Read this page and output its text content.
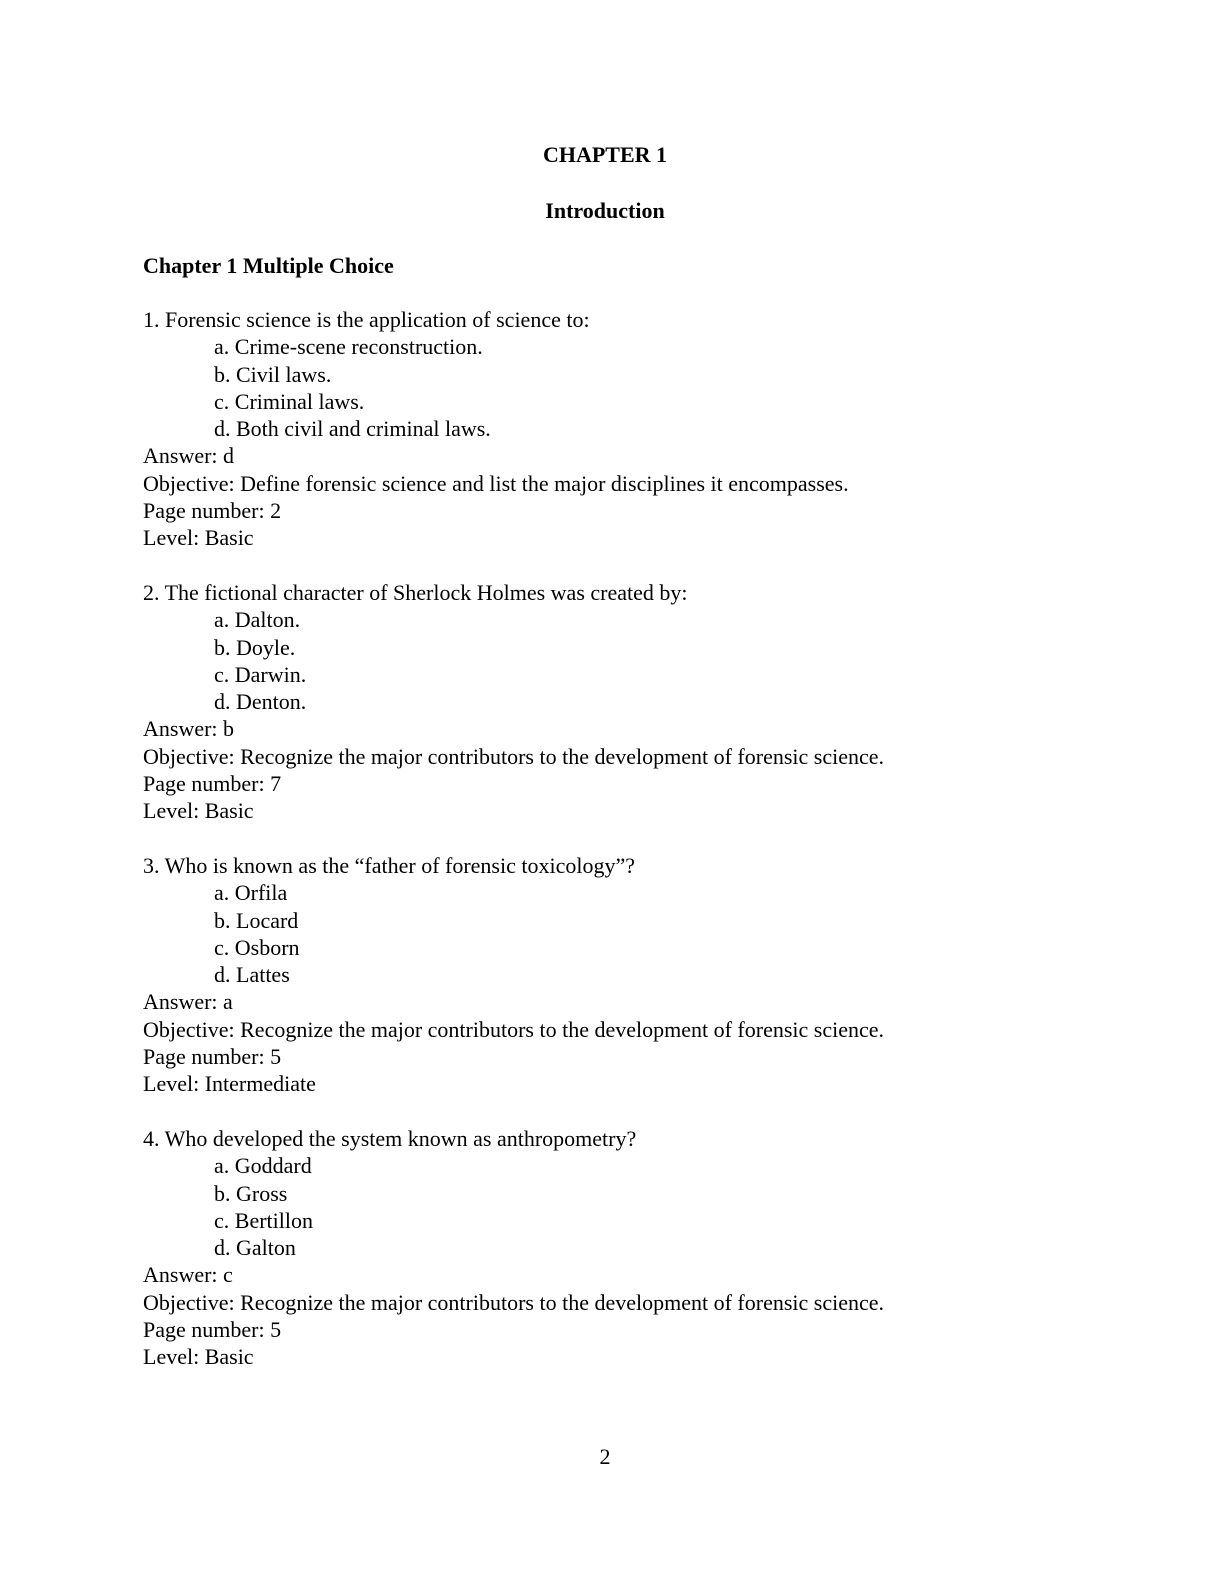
CHAPTER 1
Introduction
Chapter 1 Multiple Choice
1. Forensic science is the application of science to:
a. Crime-scene reconstruction.
b. Civil laws.
c. Criminal laws.
d. Both civil and criminal laws.
Answer: d
Objective: Define forensic science and list the major disciplines it encompasses.
Page number: 2
Level: Basic
2. The fictional character of Sherlock Holmes was created by:
a. Dalton.
b. Doyle.
c. Darwin.
d. Denton.
Answer: b
Objective: Recognize the major contributors to the development of forensic science.
Page number: 7
Level: Basic
3. Who is known as the “father of forensic toxicology”?
a. Orfila
b. Locard
c. Osborn
d. Lattes
Answer: a
Objective: Recognize the major contributors to the development of forensic science.
Page number: 5
Level: Intermediate
4. Who developed the system known as anthropometry?
a. Goddard
b. Gross
c. Bertillon
d. Galton
Answer: c
Objective: Recognize the major contributors to the development of forensic science.
Page number: 5
Level: Basic
2
